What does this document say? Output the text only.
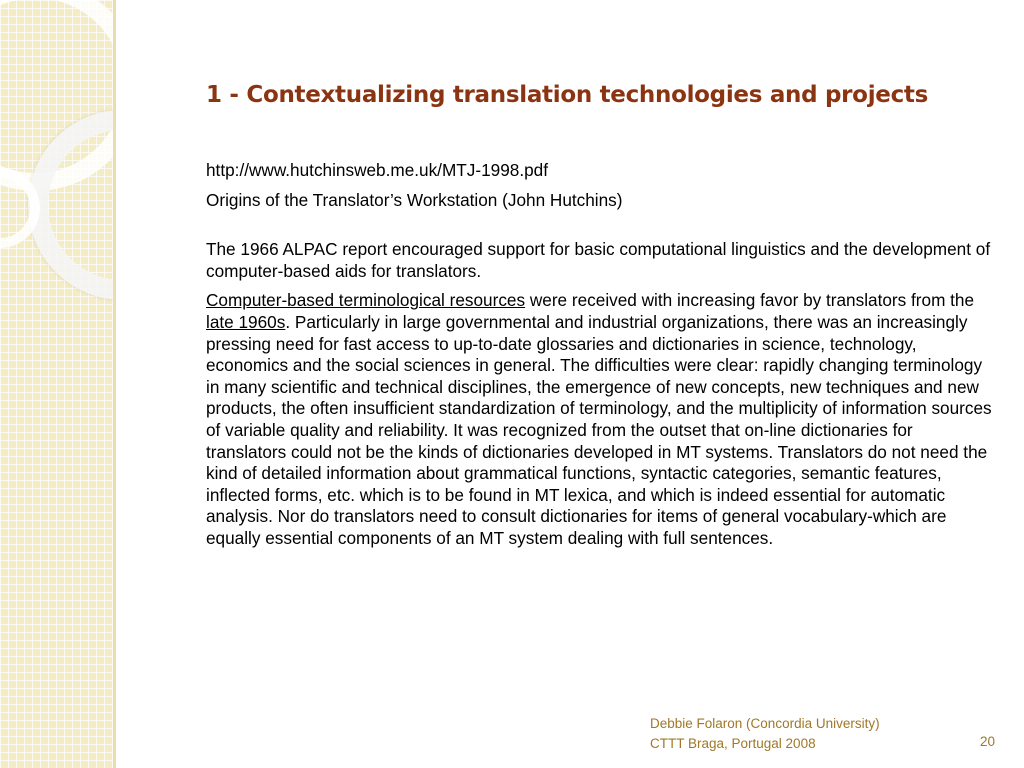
1 - Contextualizing translation technologies and projects

http://www.hutchinsweb.me.uk/MTJ-1998.pdf

Origins of the Translator’s Workstation (John Hutchins)

The 1966 ALPAC report encouraged support for basic computational linguistics and the development of computer-based aids for translators.

Computer-based terminological resources were received with increasing favor by translators from the late 1960s. Particularly in large governmental and industrial organizations, there was an increasingly pressing need for fast access to up-to-date glossaries and dictionaries in science, technology, economics and the social sciences in general. The difficulties were clear: rapidly changing terminology in many scientific and technical disciplines, the emergence of new concepts, new techniques and new products, the often insufficient standardization of terminology, and the multiplicity of information sources of variable quality and reliability. It was recognized from the outset that on-line dictionaries for translators could not be the kinds of dictionaries developed in MT systems. Translators do not need the kind of detailed information about grammatical functions, syntactic categories, semantic features, inflected forms, etc. which is to be found in MT lexica, and which is indeed essential for automatic analysis. Nor do translators need to consult dictionaries for items of general vocabulary-which are equally essential components of an MT system dealing with full sentences.

Debbie Folaron (Concordia University)
CTTT Braga, Portugal 2008	20
